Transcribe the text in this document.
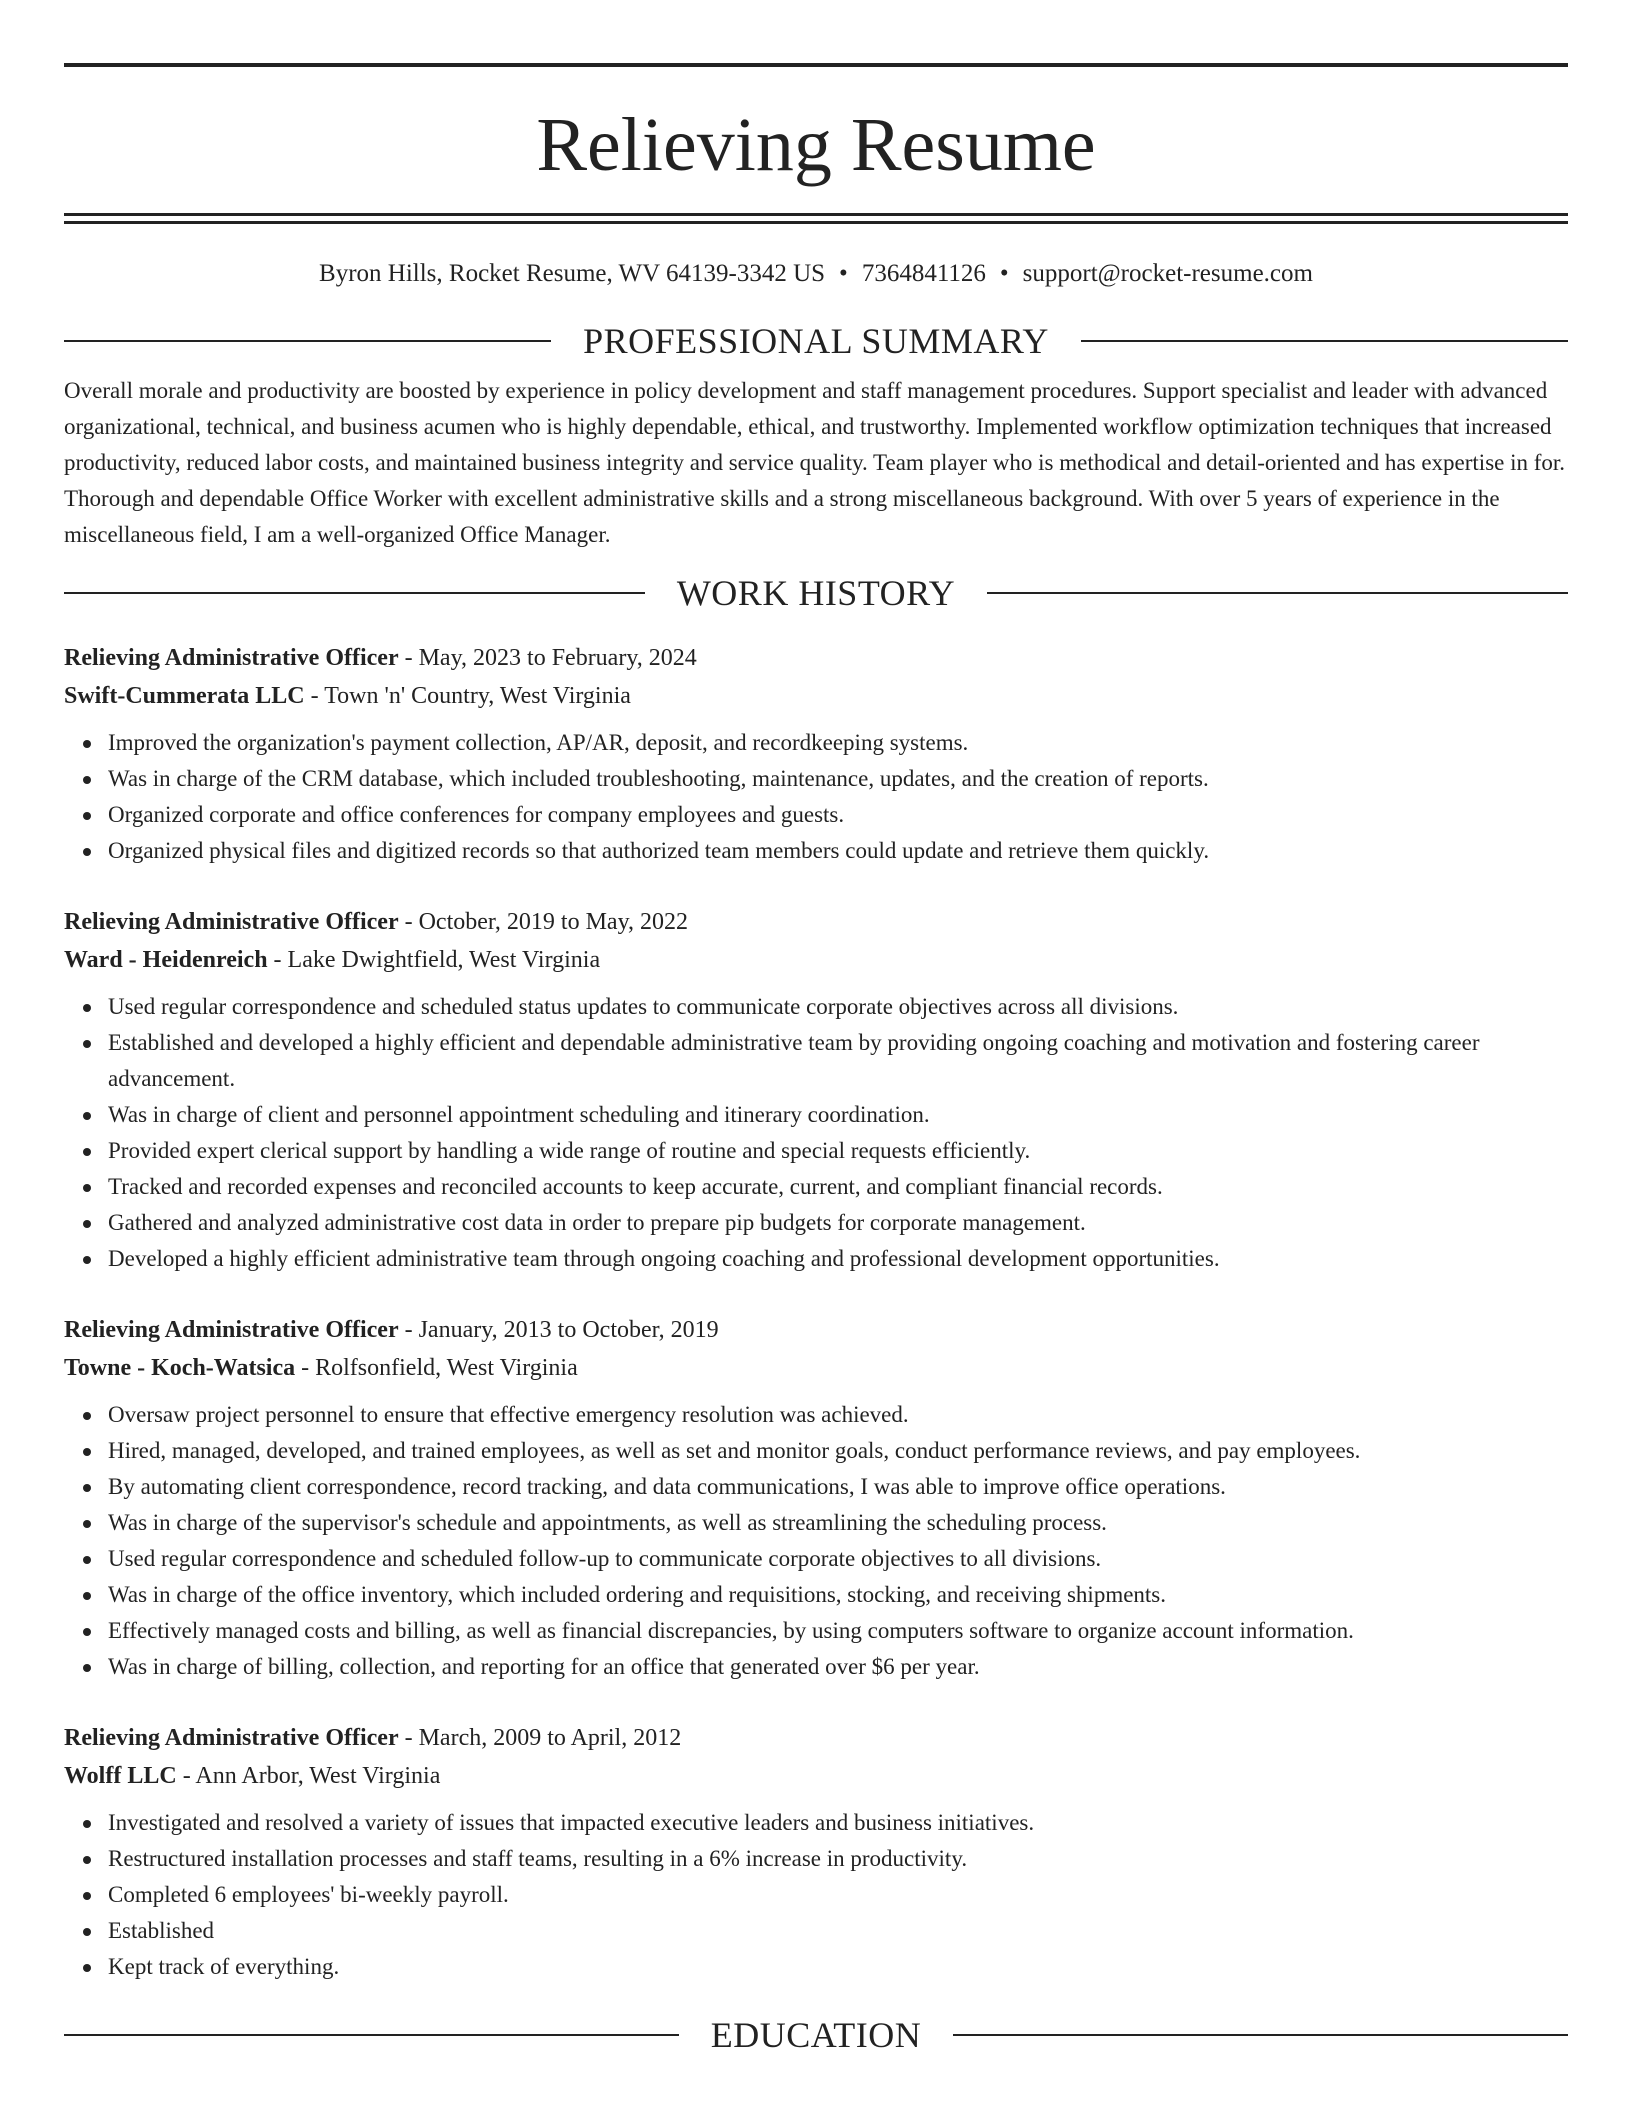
Relieving Resume
Byron Hills, Rocket Resume, WV 64139-3342 US • 7364841126 • support@rocket-resume.com
PROFESSIONAL SUMMARY
Overall morale and productivity are boosted by experience in policy development and staff management procedures. Support specialist and leader with advanced organizational, technical, and business acumen who is highly dependable, ethical, and trustworthy. Implemented workflow optimization techniques that increased productivity, reduced labor costs, and maintained business integrity and service quality. Team player who is methodical and detail-oriented and has expertise in for. Thorough and dependable Office Worker with excellent administrative skills and a strong miscellaneous background. With over 5 years of experience in the miscellaneous field, I am a well-organized Office Manager.
WORK HISTORY
Relieving Administrative Officer - May, 2023 to February, 2024
Swift-Cummerata LLC - Town 'n' Country, West Virginia
Improved the organization's payment collection, AP/AR, deposit, and recordkeeping systems.
Was in charge of the CRM database, which included troubleshooting, maintenance, updates, and the creation of reports.
Organized corporate and office conferences for company employees and guests.
Organized physical files and digitized records so that authorized team members could update and retrieve them quickly.
Relieving Administrative Officer - October, 2019 to May, 2022
Ward - Heidenreich - Lake Dwightfield, West Virginia
Used regular correspondence and scheduled status updates to communicate corporate objectives across all divisions.
Established and developed a highly efficient and dependable administrative team by providing ongoing coaching and motivation and fostering career advancement.
Was in charge of client and personnel appointment scheduling and itinerary coordination.
Provided expert clerical support by handling a wide range of routine and special requests efficiently.
Tracked and recorded expenses and reconciled accounts to keep accurate, current, and compliant financial records.
Gathered and analyzed administrative cost data in order to prepare pip budgets for corporate management.
Developed a highly efficient administrative team through ongoing coaching and professional development opportunities.
Relieving Administrative Officer - January, 2013 to October, 2019
Towne - Koch-Watsica - Rolfsonfield, West Virginia
Oversaw project personnel to ensure that effective emergency resolution was achieved.
Hired, managed, developed, and trained employees, as well as set and monitor goals, conduct performance reviews, and pay employees.
By automating client correspondence, record tracking, and data communications, I was able to improve office operations.
Was in charge of the supervisor's schedule and appointments, as well as streamlining the scheduling process.
Used regular correspondence and scheduled follow-up to communicate corporate objectives to all divisions.
Was in charge of the office inventory, which included ordering and requisitions, stocking, and receiving shipments.
Effectively managed costs and billing, as well as financial discrepancies, by using computers software to organize account information.
Was in charge of billing, collection, and reporting for an office that generated over $6 per year.
Relieving Administrative Officer - March, 2009 to April, 2012
Wolff LLC - Ann Arbor, West Virginia
Investigated and resolved a variety of issues that impacted executive leaders and business initiatives.
Restructured installation processes and staff teams, resulting in a 6% increase in productivity.
Completed 6 employees' bi-weekly payroll.
Established
Kept track of everything.
EDUCATION
